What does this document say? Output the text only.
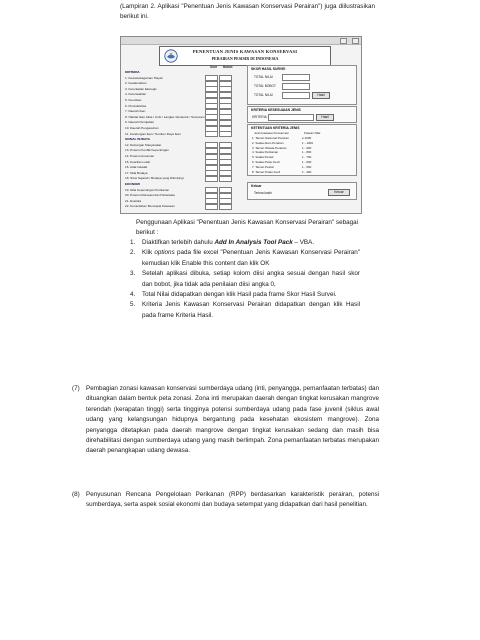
(Lampiran 2. Aplikasi "Penentuan Jenis Kawasan Konservasi Perairan") juga diilustrasikan berikut ini.
PENENTUAN JENIS KAWASAN KONSERVASI
PERAIRAN PESISIR DI INDONESIA
Skor Bobot
KRITERIA
1. Keanekaragaman Hayati
2. Kealamiahan
3. Keterkaitan Ekologis
4. Keterwakilan
5. Keunikan
6. Produktivitas
7. Daerah Ikan
8. Habitat Ikan Alisa / Unik / Langka / Endemik / Terancam
9. Daerah Pemijahan
10. Daerah Pengasuhan
11. Kandungan Ikan / Sumber Daya Ikan
SOSIAL BUDAYA
12. Dukungan Masyarakat
13. Potensi Konflik Kepentingan
14. Potensi Ancaman
15. Kearifan Lokal
16. Adat Istiadat
17. Nilai Budaya
18. Situs Sejarah / Budaya yang Dilindungi
EKONOMI
19. Nilai Kepentingan Perikanan
20. Potensi Rekreasi dan Pariwisata
21. Estetika
22. Kemudahan Mencapai Kawasan
SKOR HASIL SURVEI
TOTAL NILAI
TOTAL BOBOT
TOTAL NILAI	Hasil
KRITERIA KESESUAIAN JENIS
KRITERIA	Hasil
KETENTUAN KRITERIA JENIS
Jenis Kawasan Konservasi	Kisaran Nilai
1. Taman Nasional Perairan	≥ 1000
2. Suaka Alam Perairan	1 - 1000
3. Taman Wisata Perairan	1 - 900
4. Suaka Perikanan	1 - 800
5. Suaka Pesisir	1 - 700
6. Suaka Pulau Kecil	1 - 600
7. Taman Pesisir	1 - 500
8. Taman Pulau Kecil	1 - 400
Keluar
Terima kasih	Keluar
Penggunaan Aplikasi "Penentuan Jenis Kawasan Konservasi Perairan" sebagai berikut :
1. Diaktifkan terlebih dahulu Add In Analysis Tool Pack – VBA.
2. Klik options pada file excel "Penentuan Jenis Kawasan Konservasi Perairan" kemudian klik Enable this content dan klik OK
3. Setelah aplikasi dibuka, setiap kolom diisi angka sesuai dengan hasil skor dan bobot, jika tidak ada penilaian diisi angka 0,
4. Total Nilai didapatkan dengan klik Hasil pada frame Skor Hasil Survei.
5. Kriteria Jenis Kawasan Konservasi Perairan didapatkan dengan klik Hasil pada frame Kriteria Hasil.
(7) Pembagian zonasi kawasan konservasi sumberdaya udang (inti, penyangga, pemanfaatan terbatas) dan dituangkan dalam bentuk peta zonasi. Zona inti merupakan daerah dengan tingkat kerusakan mangrove terendah (kerapatan tinggi) serta tingginya potensi sumberdaya udang pada fase juvenil (siklus awal udang yang kelangsungan hidupnya bergantung pada kesehatan ekosistem mangrove). Zona penyangga ditetapkan pada daerah mangrove dengan tingkat kerusakan sedang dan masih bisa direhabilitasi dengan sumberdaya udang yang masih berlimpah. Zona pemanfaatan terbatas merupakan daerah penangkapan udang dewasa.
(8) Penyusunan Rencana Pengelolaan Perikanan (RPP) berdasarkan karakteristik perairan, potensi sumberdaya, serta aspek sosial ekonomi dan budaya setempat yang didapatkan dari hasil penelitian.
